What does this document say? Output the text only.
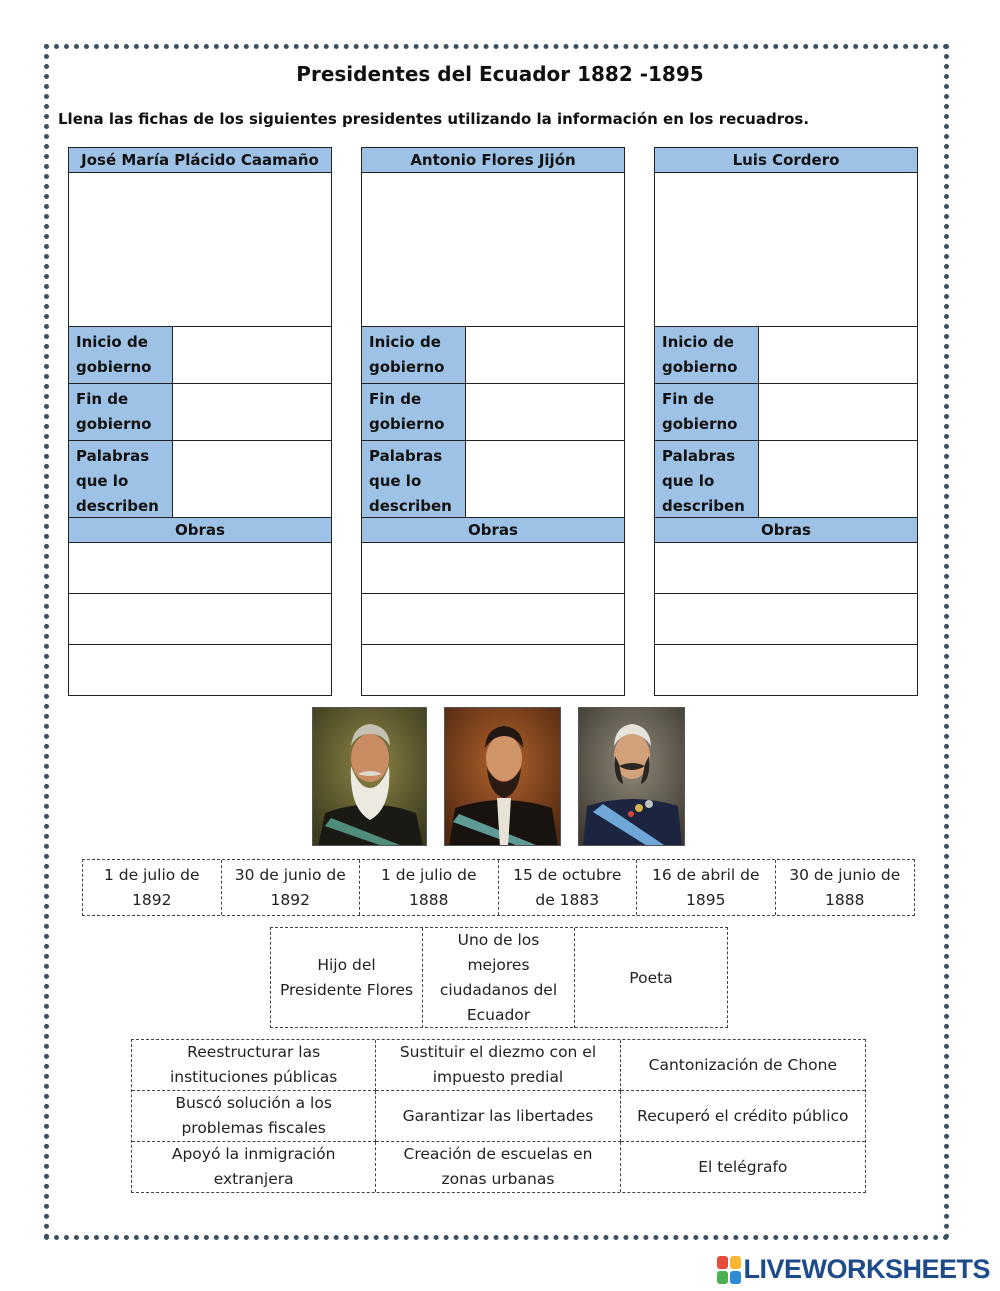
Presidentes del Ecuador 1882 -1895
Llena las fichas de los siguientes presidentes utilizando la información en los recuadros.
José María Plácido Caamaño
Inicio de gobierno
Fin de gobierno
Palabras que lo describen
Obras
Antonio Flores Jijón
Inicio de gobierno
Fin de gobierno
Palabras que lo describen
Obras
Luis Cordero
Inicio de gobierno
Fin de gobierno
Palabras que lo describen
Obras
1 de julio de 1892
30 de junio de 1892
1 de julio de 1888
15 de octubre de 1883
16 de abril de 1895
30 de junio de 1888
Hijo del Presidente Flores
Uno de los mejores ciudadanos del Ecuador
Poeta
Reestructurar las instituciones públicas
Sustituir el diezmo con el impuesto predial
Cantonización de Chone
Buscó solución a los problemas fiscales
Garantizar las libertades	Recuperó el crédito público
Apoyó la inmigración extranjera
Creación de escuelas en zonas urbanas
El telégrafo
LIVEWORKSHEETS
